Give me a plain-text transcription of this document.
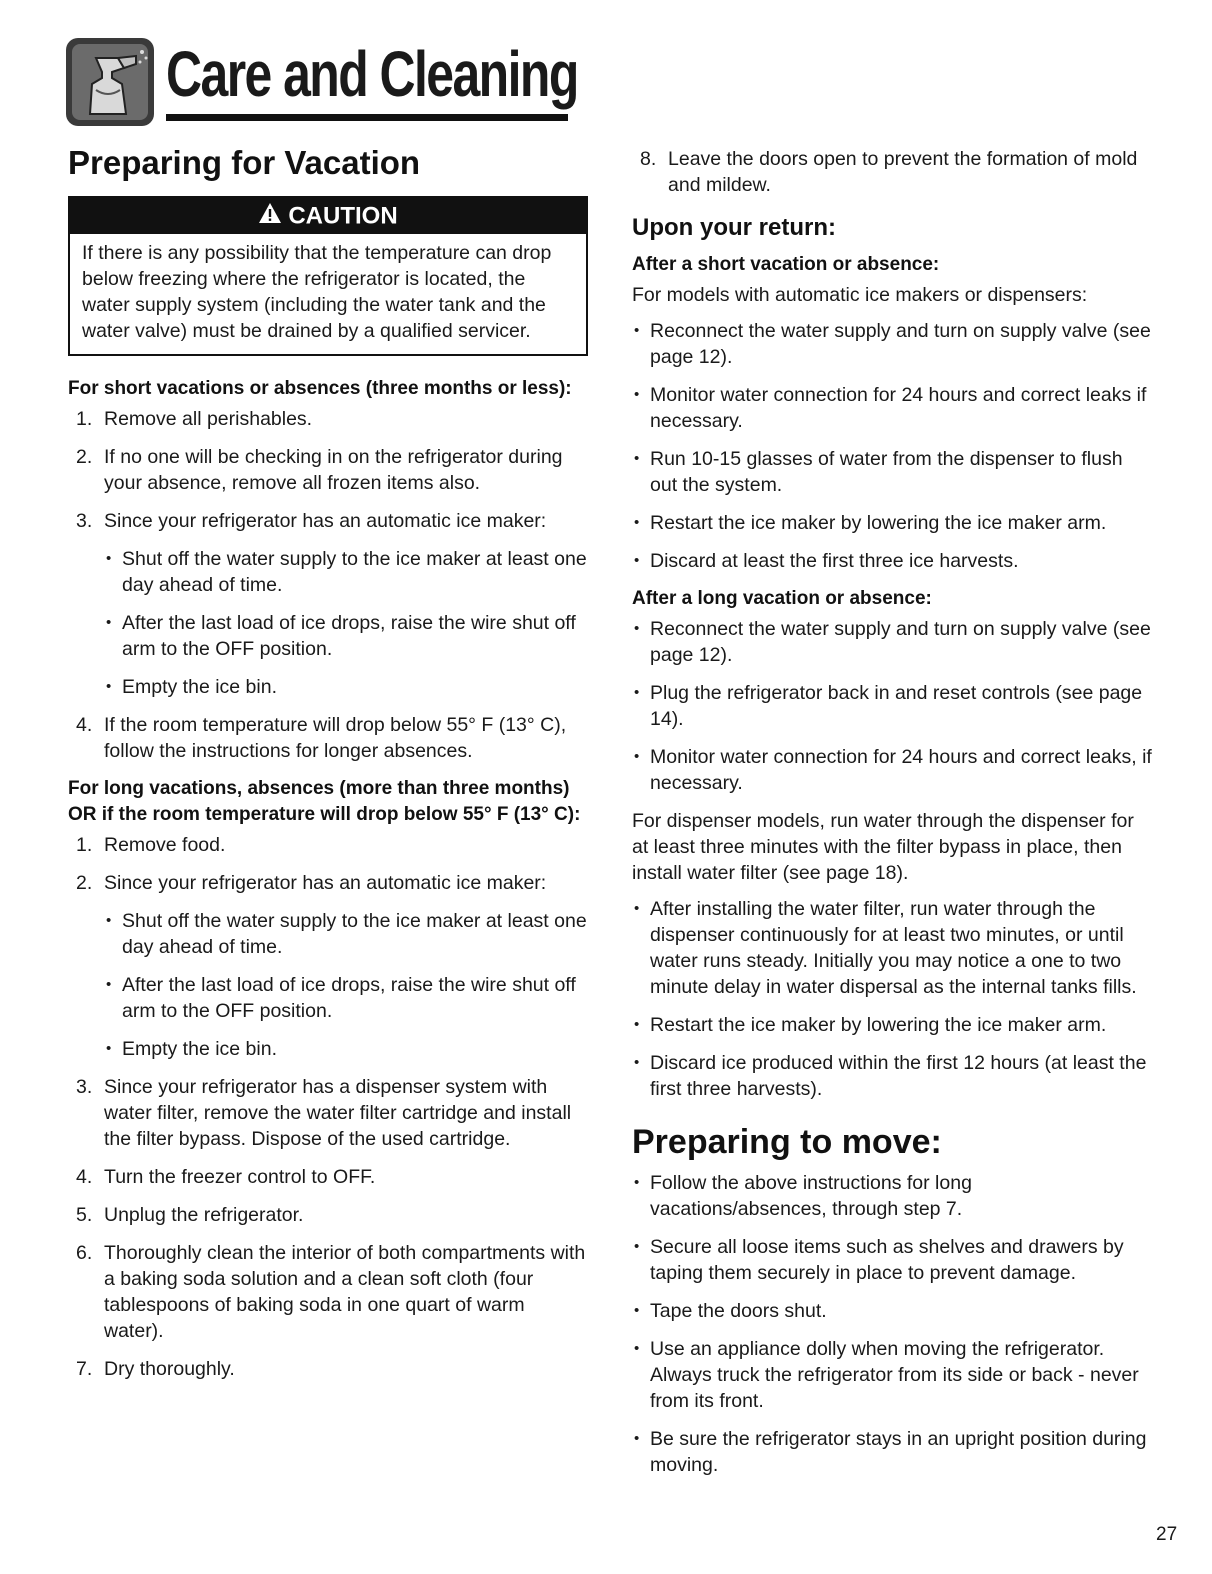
Care and Cleaning
Preparing for Vacation
CAUTION
If there is any possibility that the temperature can drop below freezing where the refrigerator is located, the water supply system (including the water tank and the water valve) must be drained by a qualified servicer.
For short vacations or absences (three months or less):
1. Remove all perishables.
2. If no one will be checking in on the refrigerator during your absence, remove all frozen items also.
3. Since your refrigerator has an automatic ice maker:
• Shut off the water supply to the ice maker at least one day ahead of time.
• After the last load of ice drops, raise the wire shut off arm to the OFF position.
• Empty the ice bin.
4. If the room temperature will drop below 55° F (13° C), follow the instructions for longer absences.
For long vacations, absences (more than three months) OR if the room temperature will drop below 55° F (13° C):
1. Remove food.
2. Since your refrigerator has an automatic ice maker:
• Shut off the water supply to the ice maker at least one day ahead of time.
• After the last load of ice drops, raise the wire shut off arm to the OFF position.
• Empty the ice bin.
3. Since your refrigerator has a dispenser system with water filter, remove the water filter cartridge and install the filter bypass. Dispose of the used cartridge.
4. Turn the freezer control to OFF.
5. Unplug the refrigerator.
6. Thoroughly clean the interior of both compartments with a baking soda solution and a clean soft cloth (four tablespoons of baking soda in one quart of warm water).
7. Dry thoroughly.
8. Leave the doors open to prevent the formation of mold and mildew.
Upon your return:
After a short vacation or absence:

For models with automatic ice makers or dispensers:

• Reconnect the water supply and turn on supply valve (see page 12).
• Monitor water connection for 24 hours and correct leaks if necessary.
• Run 10-15 glasses of water from the dispenser to flush out the system.
• Restart the ice maker by lowering the ice maker arm.
• Discard at least the first three ice harvests.
After a long vacation or absence:
• Reconnect the water supply and turn on supply valve (see page 12).
• Plug the refrigerator back in and reset controls (see page 14).
• Monitor water connection for 24 hours and correct leaks, if necessary.

For dispenser models, run water through the dispenser for at least three minutes with the filter bypass in place, then install water filter (see page 18).

• After installing the water filter, run water through the dispenser continuously for at least two minutes, or until water runs steady. Initially you may notice a one to two minute delay in water dispersal as the internal tanks fills.
• Restart the ice maker by lowering the ice maker arm.
• Discard ice produced within the first 12 hours (at least the first three harvests).
Preparing to move:
• Follow the above instructions for long vacations/absences, through step 7.
• Secure all loose items such as shelves and drawers by taping them securely in place to prevent damage.
• Tape the doors shut.
• Use an appliance dolly when moving the refrigerator. Always truck the refrigerator from its side or back - never from its front.
• Be sure the refrigerator stays in an upright position during moving.
27
